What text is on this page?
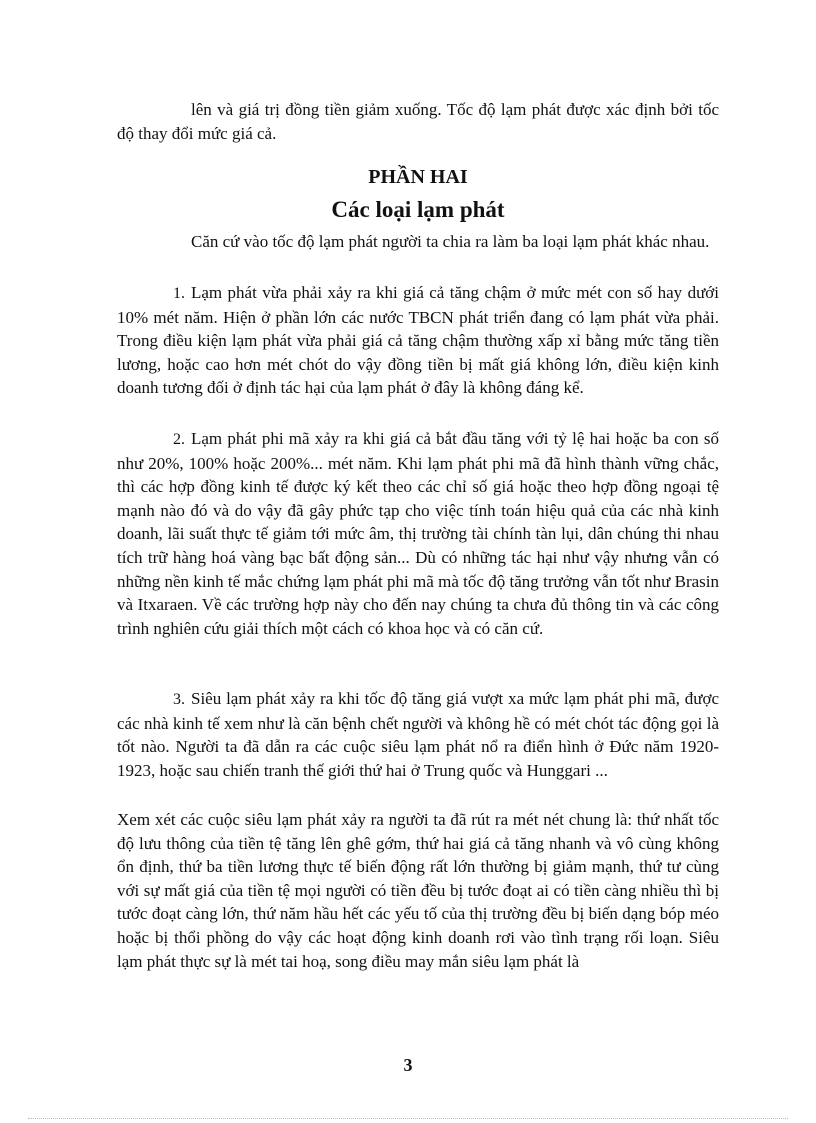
lên và giá trị đồng tiền giảm xuống. Tốc độ lạm phát được xác định bởi tốc độ thay đổi mức giá cả.
PHẦN HAI
Các loại lạm phát
Căn cứ vào tốc độ lạm phát người ta chia ra làm ba loại lạm phát khác nhau.
1. Lạm phát vừa phải xảy ra khi giá cả tăng chậm ở mức mét con số hay dưới 10% mét năm. Hiện ở phần lớn các nước TBCN phát triển đang có lạm phát vừa phải. Trong điều kiện lạm phát vừa phải giá cả tăng chậm thường xấp xỉ bằng mức tăng tiền lương, hoặc cao hơn mét chót do vậy đồng tiền bị mất giá không lớn, điều kiện kinh doanh tương đối ở định tác hại của lạm phát ở đây là không đáng kể.
2. Lạm phát phi mã xảy ra khi giá cả bắt đầu tăng với tỷ lệ hai hoặc ba con số như 20%, 100% hoặc 200%... mét năm. Khi lạm phát phi mã đã hình thành vững chắc, thì các hợp đồng kinh tế được ký kết theo các chỉ số giá hoặc theo hợp đồng ngoại tệ mạnh nào đó và do vậy đã gây phức tạp cho việc tính toán hiệu quả của các nhà kinh doanh, lãi suất thực tế giảm tới mức âm, thị trường tài chính tàn lụi, dân chúng thi nhau tích trữ hàng hoá vàng bạc bất động sản... Dù có những tác hại như vậy nhưng vẫn có những nền kinh tế mắc chứng lạm phát phi mã mà tốc độ tăng trưởng vẫn tốt như Brasin và Itxaraen. Về các trường hợp này cho đến nay chúng ta chưa đủ thông tin và các công trình nghiên cứu giải thích một cách có khoa học và có căn cứ.
3. Siêu lạm phát xảy ra khi tốc độ tăng giá vượt xa mức lạm phát phi mã, được các nhà kinh tế xem như là căn bệnh chết người và không hề có mét chót tác động gọi là tốt nào. Người ta đã dẫn ra các cuộc siêu lạm phát nổ ra điển hình ở Đức năm 1920-1923, hoặc sau chiến tranh thế giới thứ hai ở Trung quốc và Hunggari ...
Xem xét các cuộc siêu lạm phát xảy ra người ta đã rút ra mét nét chung là: thứ nhất tốc độ lưu thông của tiền tệ tăng lên ghê gớm, thứ hai giá cả tăng nhanh và vô cùng không ổn định, thứ ba tiền lương thực tế biến động rất lớn thường bị giảm mạnh, thứ tư cùng với sự mất giá của tiền tệ mọi người có tiền đều bị tước đoạt ai có tiền càng nhiều thì bị tước đoạt càng lớn, thứ năm hầu hết các yếu tố của thị trường đều bị biến dạng bóp méo hoặc bị thổi phồng do vậy các hoạt động kinh doanh rơi vào tình trạng rối loạn. Siêu lạm phát thực sự là mét tai hoạ, song điều may mắn siêu lạm phát là
3
